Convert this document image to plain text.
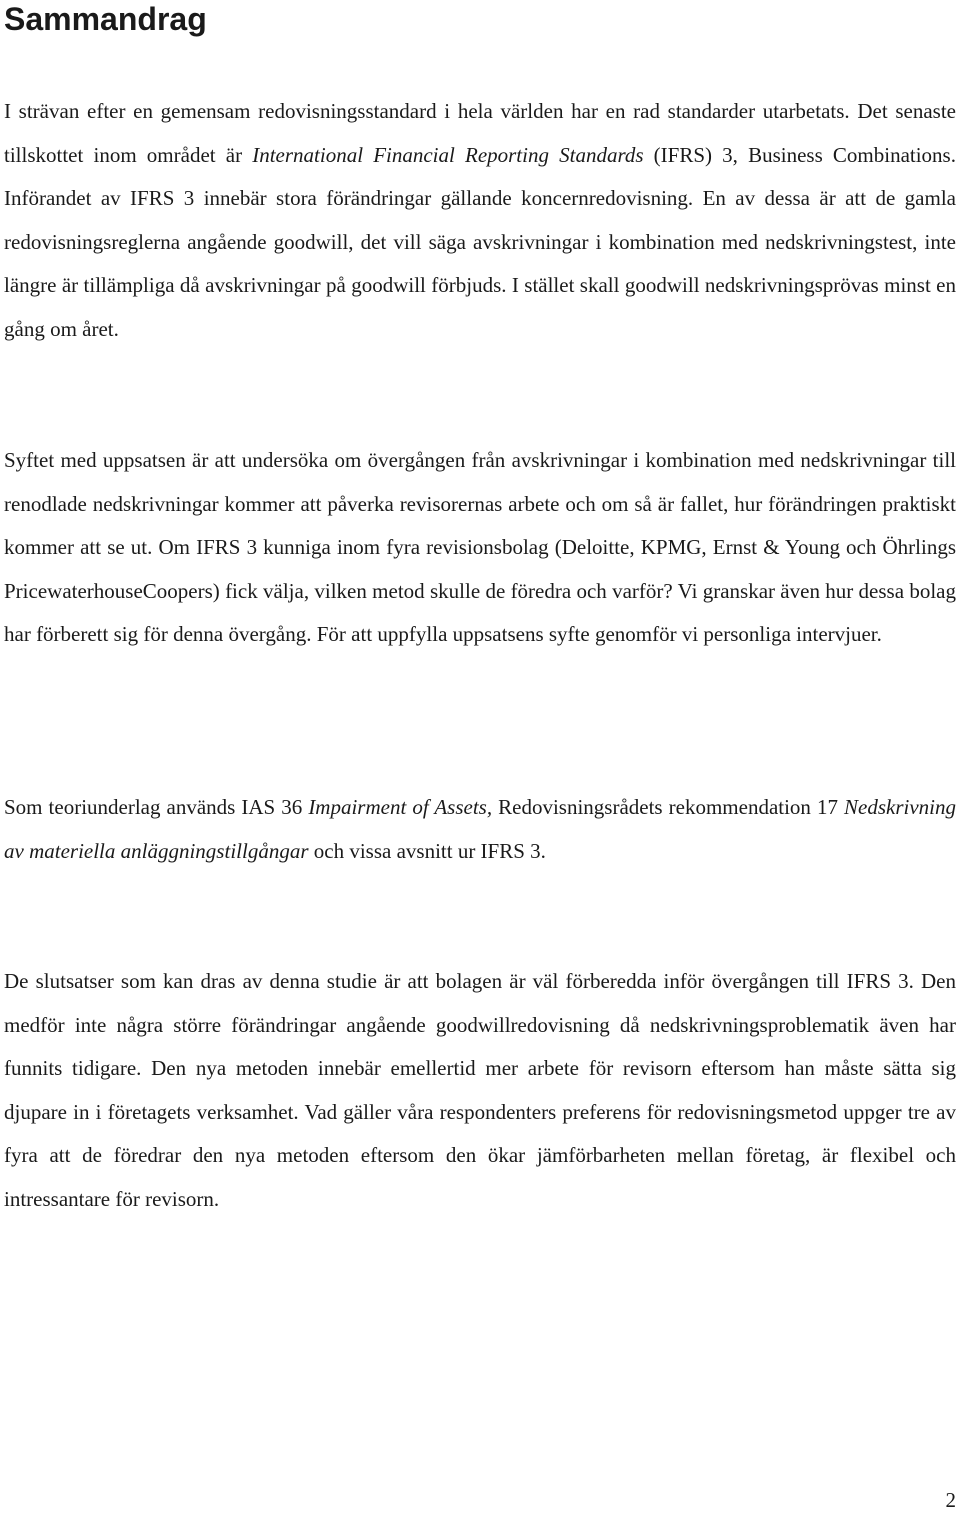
Sammandrag

I strävan efter en gemensam redovisningsstandard i hela världen har en rad standarder utarbetats. Det senaste tillskottet inom området är International Financial Reporting Standards (IFRS) 3, Business Combinations. Införandet av IFRS 3 innebär stora förändringar gällande koncernredovisning. En av dessa är att de gamla redovisningsreglerna angående goodwill, det vill säga avskrivningar i kombination med nedskrivningstest, inte längre är tillämpliga då avskrivningar på goodwill förbjuds. I stället skall goodwill nedskrivningsprövas minst en gång om året.

Syftet med uppsatsen är att undersöka om övergången från avskrivningar i kombination med nedskrivningar till renodlade nedskrivningar kommer att påverka revisorernas arbete och om så är fallet, hur förändringen praktiskt kommer att se ut. Om IFRS 3 kunniga inom fyra revisionsbolag (Deloitte, KPMG, Ernst & Young och Öhrlings PricewaterhouseCoopers) fick välja, vilken metod skulle de föredra och varför? Vi granskar även hur dessa bolag har förberett sig för denna övergång. För att uppfylla uppsatsens syfte genomför vi personliga intervjuer.

Som teoriunderlag används IAS 36 Impairment of Assets, Redovisningsrådets rekommendation 17 Nedskrivning av materiella anläggningstillgångar och vissa avsnitt ur IFRS 3.

De slutsatser som kan dras av denna studie är att bolagen är väl förberedda inför övergången till IFRS 3. Den medför inte några större förändringar angående goodwillredovisning då nedskrivningsproblematik även har funnits tidigare. Den nya metoden innebär emellertid mer arbete för revisorn eftersom han måste sätta sig djupare in i företagets verksamhet. Vad gäller våra respondenters preferens för redovisningsmetod uppger tre av fyra att de föredrar den nya metoden eftersom den ökar jämförbarheten mellan företag, är flexibel och intressantare för revisorn.

2
